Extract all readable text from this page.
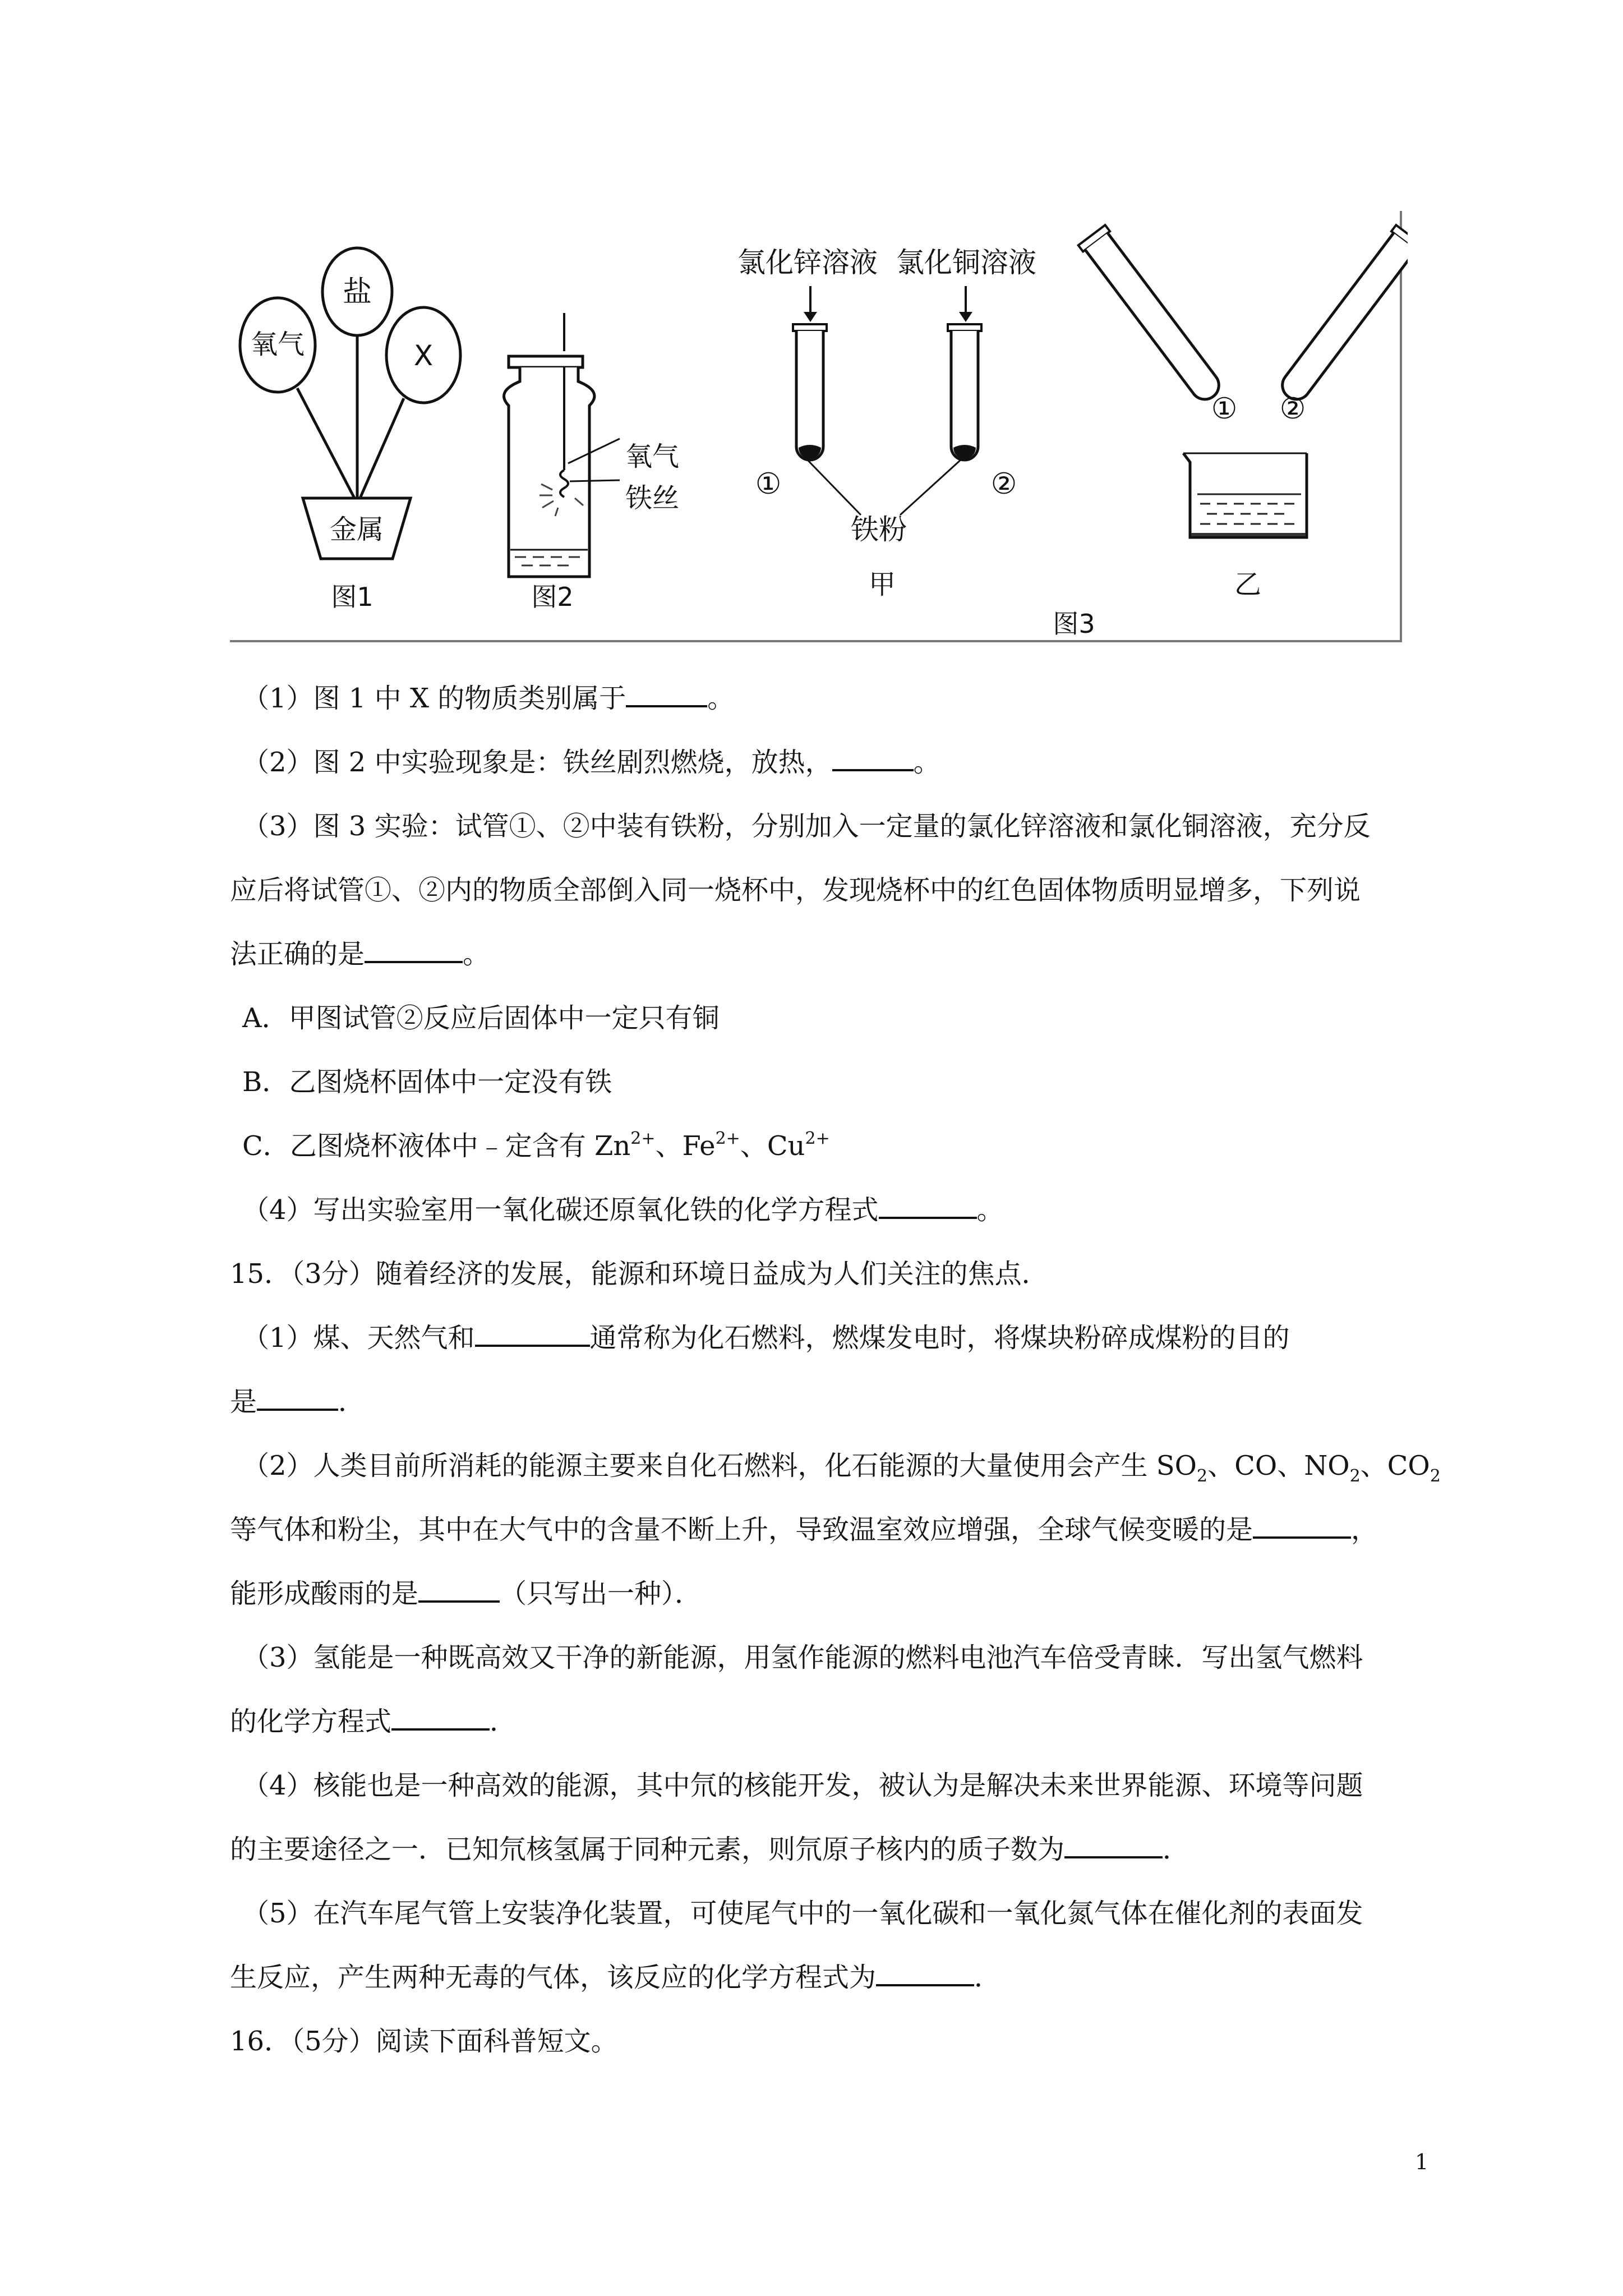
氧气
盐
X
金属
图1
氧气
铁丝
图2
氯化锌溶液 氯化铜溶液
①	②
铁粉
甲
① ②
乙
图3
（1）图 1 中 X 的物质类别属于	。
（2）图 2 中实验现象是：铁丝剧烈燃烧，放热，	。
（3）图 3 实验：试管①、②中装有铁粉，分别加入一定量的氯化锌溶液和氯化铜溶液，充分反
应后将试管①、②内的物质全部倒入同一烧杯中，发现烧杯中的红色固体物质明显增多，下列说
法正确的是	。
A．甲图试管②反应后固体中一定只有铜
B．乙图烧杯固体中一定没有铁
C．乙图烧杯液体中﹣定含有 $Zn^{2+}$、$Fe^{2+}$、$Cu^{2+}$
（4）写出实验室用一氧化碳还原氧化铁的化学方程式	。
15．（3分）随着经济的发展，能源和环境日益成为人们关注的焦点．
（1）煤、天然气和	通常称为化石燃料，燃煤发电时，将煤块粉碎成煤粉的目的
是	．
（2）人类目前所消耗的能源主要来自化石燃料，化石能源的大量使用会产生 $SO_2$、CO、$NO_2$、$CO_2$
等气体和粉尘，其中在大气中的含量不断上升，导致温室效应增强，全球气候变暖的是	，
能形成酸雨的是	（只写出一种）．
（3）氢能是一种既高效又干净的新能源，用氢作能源的燃料电池汽车倍受青睐．写出氢气燃料
的化学方程式	．
（4）核能也是一种高效的能源，其中氘的核能开发，被认为是解决未来世界能源、环境等问题
的主要途径之一．已知氘核氢属于同种元素，则氘原子核内的质子数为	．
（5）在汽车尾气管上安装净化装置，可使尾气中的一氧化碳和一氧化氮气体在催化剂的表面发
生反应，产生两种无毒的气体，该反应的化学方程式为	．
16．（5分）阅读下面科普短文。
1
